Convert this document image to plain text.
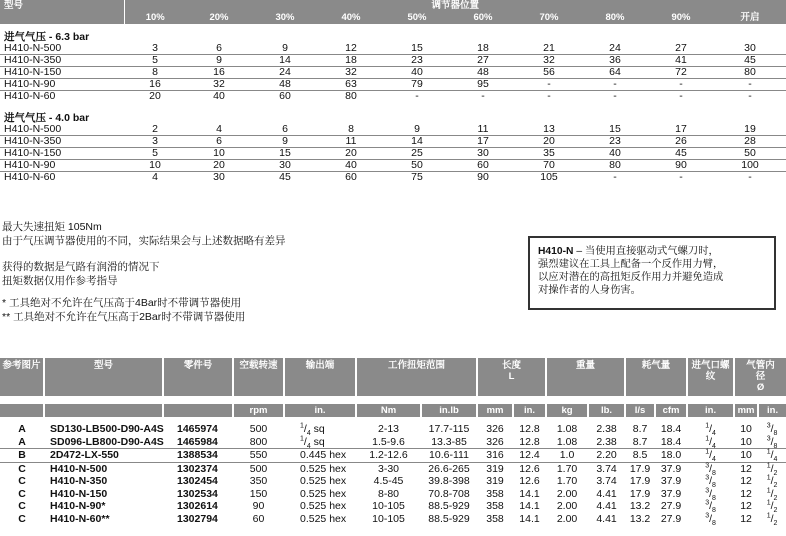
型号	调节器位置									
	10%	20%	30%	40%	50%	60%	70%	80%	90%	开启
进气气压 - 6.3 bar										
H410-N-500	3	6	9	12	15	18	21	24	27	30
H410-N-350	5	9	14	18	23	27	32	36	41	45
H410-N-150	8	16	24	32	40	48	56	64	72	80
H410-N-90	16	32	48	63	79	95	-	-	-	-
H410-N-60	20	40	60	80	-	-	-	-	-	-
进气气压 - 4.0 bar										
H410-N-500	2	4	6	8	9	11	13	15	17	19
H410-N-350	3	6	9	11	14	17	20	23	26	28
H410-N-150	5	10	15	20	25	30	35	40	45	50
H410-N-90	10	20	30	40	50	60	70	80	90	100
H410-N-60	4	30	45	60	75	90	105	-	-	-
最大失速扭矩 105Nm
由于气压调节器使用的不同，实际结果会与上述数据略有差异
获得的数据是气路有润滑的情况下
扭矩数据仅用作参考指导
* 工具绝对不允许在气压高于4Bar时不带调节器使用
** 工具绝对不允许在气压高于2Bar时不带调节器使用
H410-N – 当使用直接驱动式气螺刀时，
强烈建议在工具上配备一个反作用力臂，
以应对潜在的高扭矩反作用力并避免造成
对操作者的人身伤害。
参考图片	型号	零件号	空载转速	输出端	工作扭矩范围		长度
L		重量		耗气量		进气口螺纹	气管内径
Ø	

			rpm	in.	Nm	in.lb	mm	in.	kg	lb.	l/s	cfm	in.	mm	in.
A	SD130-LB500-D90-A4S	1465974	500	$^1/_4$ sq	2-13	17.7-115	326	12.8	1.08	2.38	8.7	18.4	$^1/_4$	10	$^3/_8$
A	SD096-LB800-D90-A4S	1465984	800	$^1/_4$ sq	1.5-9.6	13.3-85	326	12.8	1.08	2.38	8.7	18.4	$^1/_4$	10	$^3/_8$
B	2D472-LX-550	1388534	550	0.445 hex	1.2-12.6	10.6-111	316	12.4	1.0	2.20	8.5	18.0	$^1/_4$	10	$^1/_4$
C	H410-N-500	1302374	500	0.525 hex	3-30	26.6-265	319	12.6	1.70	3.74	17.9	37.9	$^3/_8$	12	$^1/_2$
C	H410-N-350	1302454	350	0.525 hex	4.5-45	39.8-398	319	12.6	1.70	3.74	17.9	37.9	$^3/_8$	12	$^1/_2$
C	H410-N-150	1302534	150	0.525 hex	8-80	70.8-708	358	14.1	2.00	4.41	17.9	37.9	$^3/_8$	12	$^1/_2$
C	H410-N-90*	1302614	90	0.525 hex	10-105	88.5-929	358	14.1	2.00	4.41	13.2	27.9	$^3/_8$	12	$^1/_2$
C	H410-N-60**	1302794	60	0.525 hex	10-105	88.5-929	358	14.1	2.00	4.41	13.2	27.9	$^3/_8$	12	$^1/_2$
